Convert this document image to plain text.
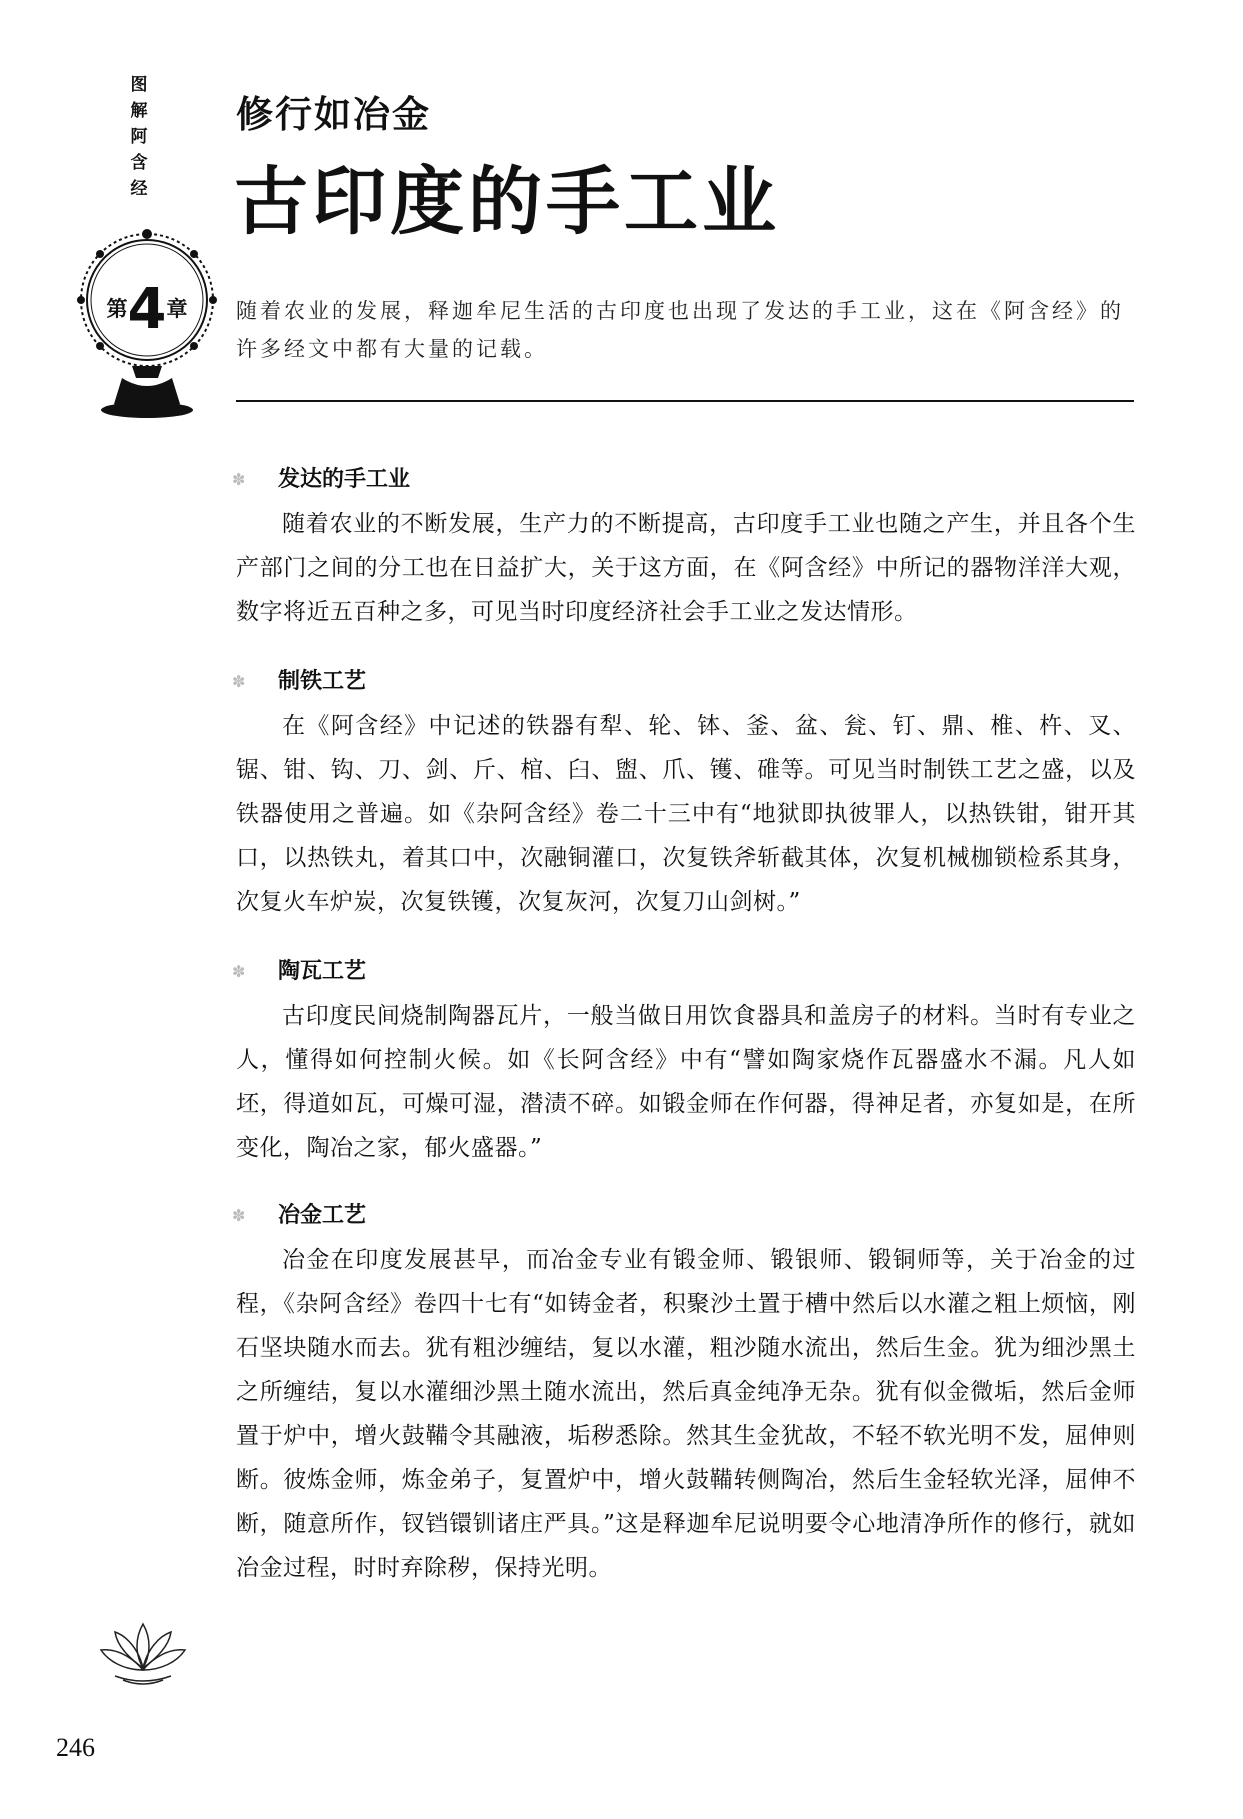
图
解
阿
含
经
第4章
修行如冶金
古印度的手工业
随着农业的发展，释迦牟尼生活的古印度也出现了发达的手工业，这在《阿含经》的许多经文中都有大量的记载。
✽	发达的手工业

随着农业的不断发展，生产力的不断提高，古印度手工业也随之产生，并且各个生产部门之间的分工也在日益扩大，关于这方面，在《阿含经》中所记的器物洋洋大观，数字将近五百种之多，可见当时印度经济社会手工业之发达情形。

✽	制铁工艺

在《阿含经》中记述的铁器有犁、轮、钵、釜、盆、瓮、钉、鼎、椎、杵、叉、锯、钳、钩、刀、剑、斤、棺、臼、盥、爪、镬、碓等。可见当时制铁工艺之盛，以及铁器使用之普遍。如《杂阿含经》卷二十三中有“地狱即执彼罪人，以热铁钳，钳开其口，以热铁丸，着其口中，次融铜灌口，次复铁斧斩截其体，次复机械枷锁检系其身，次复火车炉炭，次复铁镬，次复灰河，次复刀山剑树。”

✽	陶瓦工艺

古印度民间烧制陶器瓦片，一般当做日用饮食器具和盖房子的材料。当时有专业之人，懂得如何控制火候。如《长阿含经》中有“譬如陶家烧作瓦器盛水不漏。凡人如坯，得道如瓦，可燥可湿，潜渍不碎。如锻金师在作何器，得神足者，亦复如是，在所变化，陶冶之家，郁火盛器。”

✽	冶金工艺

冶金在印度发展甚早，而冶金专业有锻金师、锻银师、锻铜师等，关于冶金的过程，《杂阿含经》卷四十七有“如铸金者，积聚沙土置于槽中然后以水灌之粗上烦恼，刚石坚块随水而去。犹有粗沙缠结，复以水灌，粗沙随水流出，然后生金。犹为细沙黑土之所缠结，复以水灌细沙黑土随水流出，然后真金纯净无杂。犹有似金微垢，然后金师置于炉中，增火鼓鞴令其融液，垢秽悉除。然其生金犹故，不轻不软光明不发，屈伸则断。彼炼金师，炼金弟子，复置炉中，增火鼓鞴转侧陶冶，然后生金轻软光泽，屈伸不断，随意所作，钗铛镮钏诸庄严具。”这是释迦牟尼说明要令心地清净所作的修行，就如冶金过程，时时弃除秽，保持光明。

246
